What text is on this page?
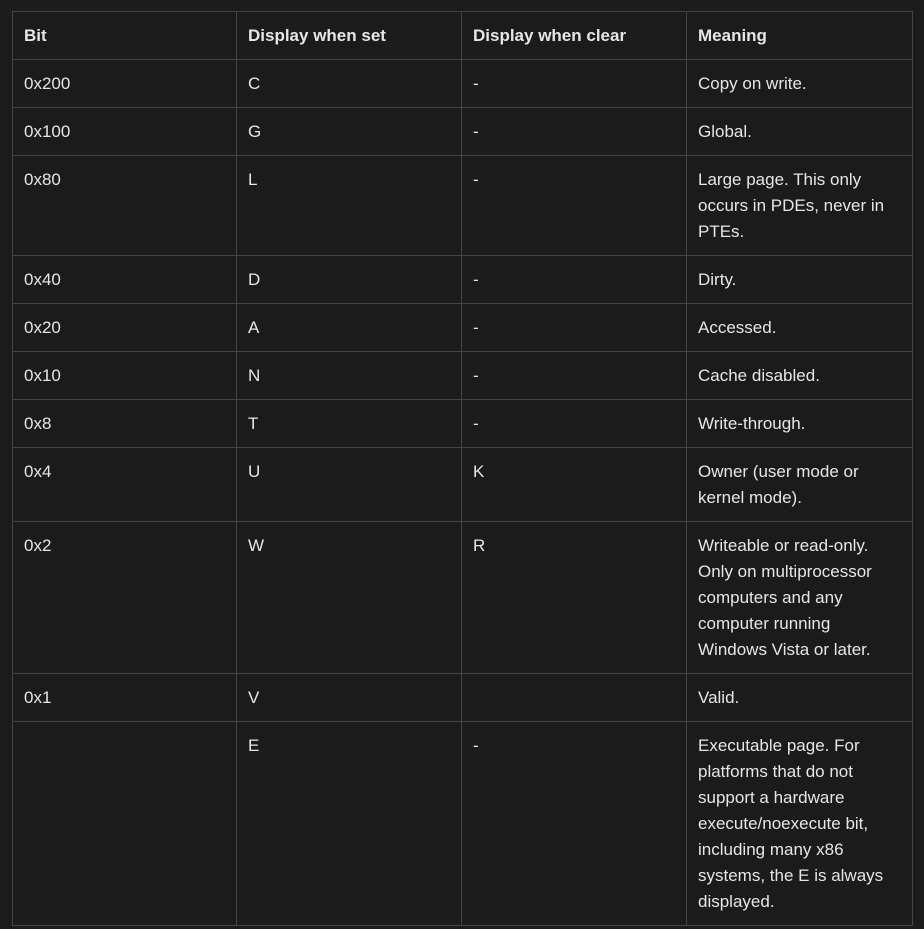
Bit	Display when set	Display when clear	Meaning
0x200	C	-	Copy on write.
0x100	G	-	Global.
0x80	L	-	Large page. This only occurs in PDEs, never in PTEs.
0x40	D	-	Dirty.
0x20	A	-	Accessed.
0x10	N	-	Cache disabled.
0x8	T	-	Write-through.
0x4	U	K	Owner (user mode or kernel mode).
0x2	W	R	Writeable or read-only. Only on multiprocessor computers and any computer running Windows Vista or later.
0x1	V		Valid.
	E	-	Executable page. For platforms that do not support a hardware execute/noexecute bit, including many x86 systems, the E is always displayed.
